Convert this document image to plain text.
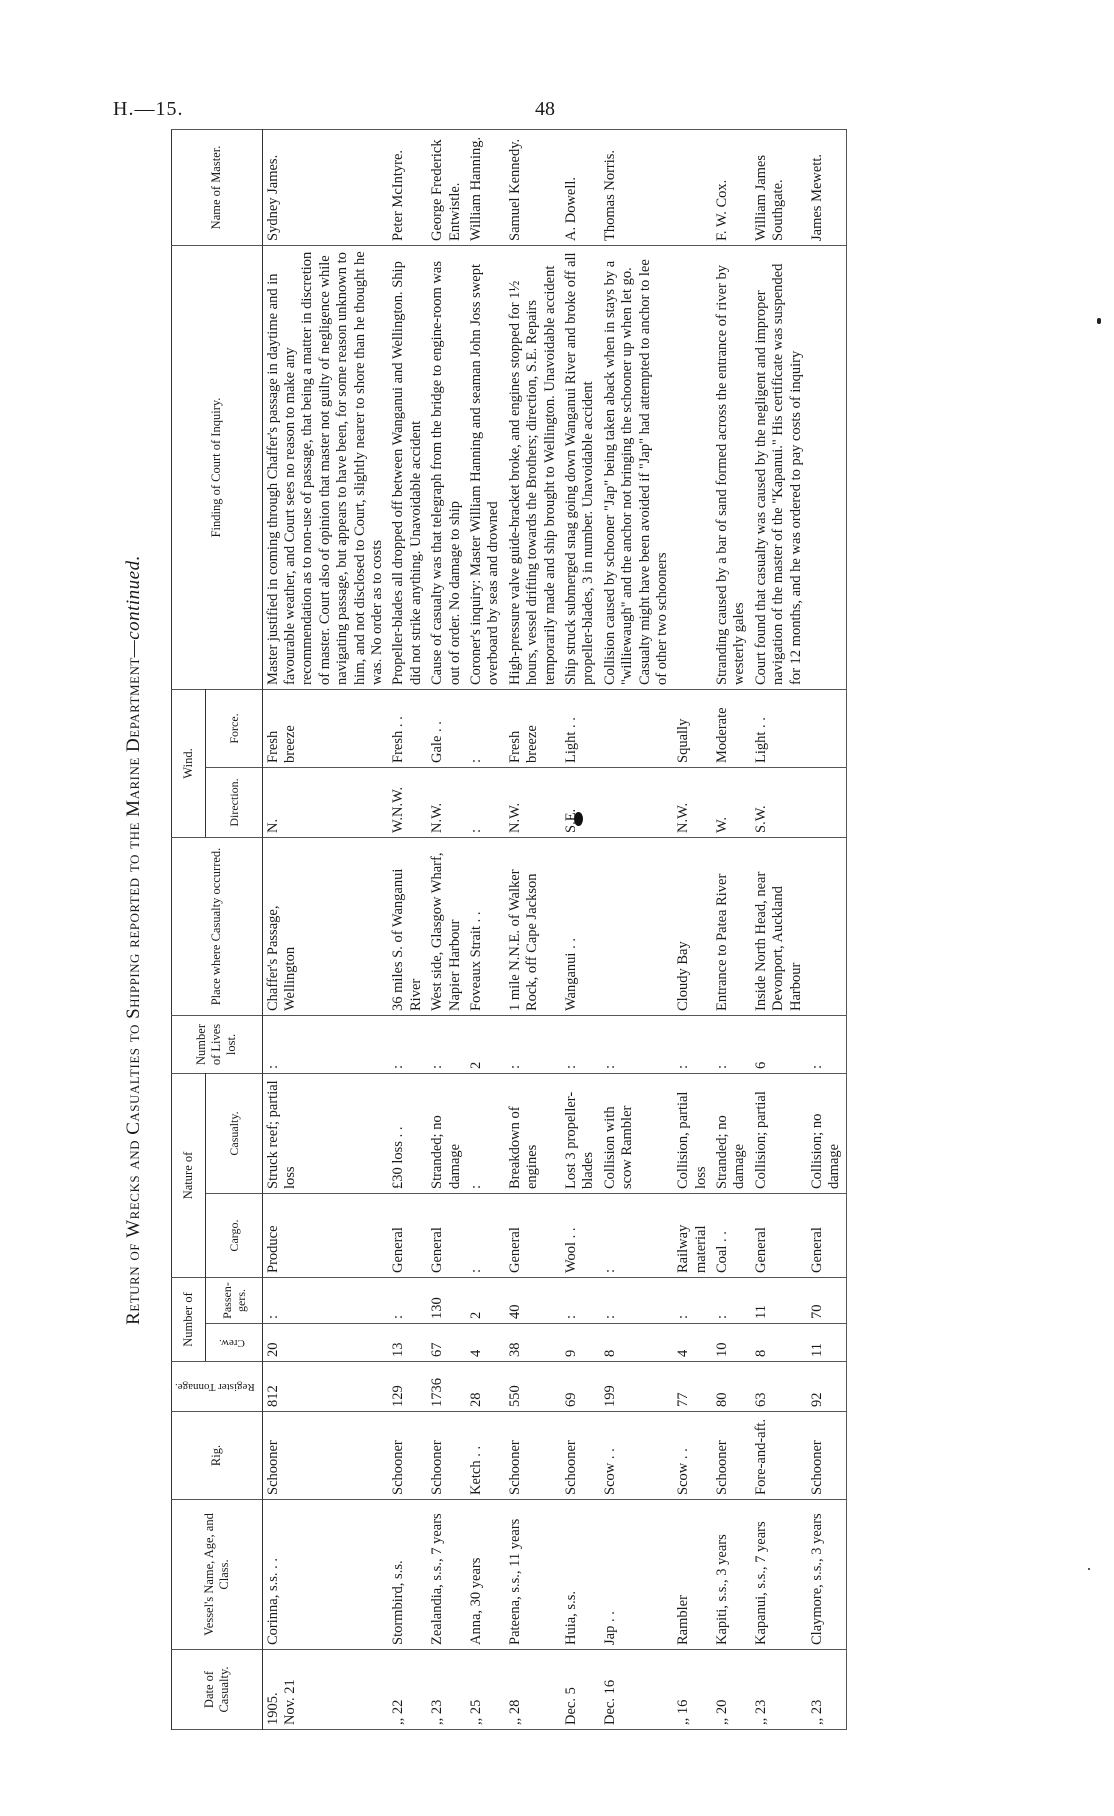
H.—15.	48
Return of Wrecks and Casualties to Shipping reported to the Marine Department—continued.
Date of Casualty.	Vessel's Name, Age, and Class.	Rig.	Register Tonnage.	Number of		Nature of		Number of Lives lost.	Place where Casualty occurred.	Wind.		Finding of Court of Inquiry.	Name of Master.
				Crew.	Passen-gers.	Cargo.	Casualty.			Direction.	Force.		
1905.
Nov. 21	Corinna, s.s. . .	Schooner	812	20	:	Produce	Struck reef; partial loss	:	Chaffer's Passage, Wellington	N.	Fresh breeze	Master justified in coming through Chaffer's passage in daytime and in favourable weather, and Court sees no reason to make any recommendation as to non-use of passage, that being a matter in discretion of master. Court also of opinion that master not guilty of negligence while navigating passage, but appears to have been, for some reason unknown to him, and not disclosed to Court, slightly nearer to shore than he thought he was. No order as to costs	Sydney James.
,, 22	Stormbird, s.s.	Schooner	129	13	:	General	£30 loss . .	:	36 miles S. of Wanganui River	W.N.W.	Fresh . .	Propeller-blades all dropped off between Wanganui and Wellington. Ship did not strike anything. Unavoidable accident	Peter McIntyre.
,, 23	Zealandia, s.s., 7 years	Schooner	1736	67	130	General	Stranded; no damage	:	West side, Glasgow Wharf, Napier Harbour	N.W.	Gale . .	Cause of casualty was that telegraph from the bridge to engine-room was out of order. No damage to ship	George Frederick Entwistle.
,, 25	Anna, 30 years	Ketch . .	28	4	2	:	:	2	Foveaux Strait . .	:	:	Coroner's inquiry: Master William Hanning and seaman John Joss swept overboard by seas and drowned	William Hanning.
,, 28	Pateena, s.s., 11 years	Schooner	550	38	40	General	Breakdown of engines	:	1 mile N.N.E. of Walker Rock, off Cape Jackson	N.W.	Fresh breeze	High-pressure valve guide-bracket broke, and engines stopped for 1½ hours, vessel drifting towards the Brothers; direction, S.E. Repairs temporarily made and ship brought to Wellington. Unavoidable accident	Samuel Kennedy.
Dec. 5	Huia, s.s.	Schooner	69	9	:	Wool . .	Lost 3 propeller-blades	:	Wanganui . .	S.E.	Light . .	Ship struck submerged snag going down Wanganui River and broke off all propeller-blades, 3 in number. Unavoidable accident	A. Dowell.
Dec. 16	Jap . .	Scow . .	199	8	:	:	Collision with scow Rambler	:				Collision caused by schooner "Jap" being taken aback when in stays by a "williewaugh" and the anchor not bringing the schooner up when let go. Casualty might have been avoided if "Jap" had attempted to anchor to lee of other two schooners	Thomas Norris.
,, 16	Rambler	Scow . .	77	4	:	Railway material	Collision, partial loss	:	Cloudy Bay	N.W.	Squally		
,, 20	Kapiti, s.s., 3 years	Schooner	80	10	:	Coal . .	Stranded; no damage	:	Entrance to Patea River	W.	Moderate	Stranding caused by a bar of sand formed across the entrance of river by westerly gales	F. W. Cox.
,, 23	Kapanui, s.s., 7 years	Fore-and-aft.	63	8	11	General	Collision; partial	6	Inside North Head, near Devonport, Auckland Harbour	S.W.	Light . .	Court found that casualty was caused by the negligent and improper navigation of the master of the "Kapanui." His certificate was suspended for 12 months, and he was ordered to pay costs of inquiry	William James Southgate.
,, 23	Claymore, s.s., 3 years	Schooner	92	11	70	General	Collision; no damage	:					James Mewett.
